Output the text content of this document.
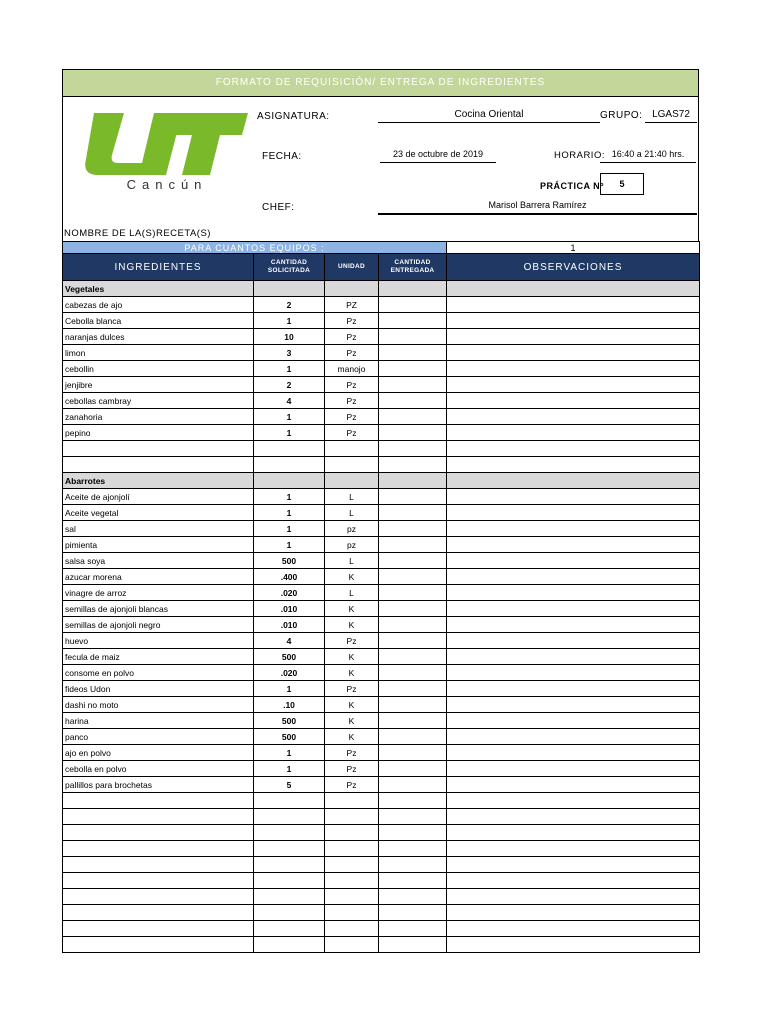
FORMATO DE REQUISICIÓN/ ENTREGA DE INGREDIENTES
Cancún
ASIGNATURA:	Cocina Oriental	GRUPO: LGAS72
FECHA:	23 de octubre de 2019	HORARIO: 16:40 a 21:40 hrs.
PRÁCTICA Nº	5
CHEF:	Marisol Barrera Ramírez
NOMBRE DE LA(S)RECETA(S)
PARA CUANTOS EQUIPOS :				1
INGREDIENTES	CANTIDAD SOLICITADA	UNIDAD	CANTIDAD ENTREGADA	OBSERVACIONES
Vegetales				
cabezas de ajo	2	PZ		
Cebolla blanca	1	Pz		
naranjas dulces	10	Pz		
limon	3	Pz		
cebollin	1	manojo		
jenjibre	2	Pz		
cebollas cambray	4	Pz		
zanahoria	1	Pz		
pepino	1	Pz		

Abarrotes				
Aceite de ajonjolí	1	L		
Aceite vegetal	1	L		
sal	1	pz		
pimienta	1	pz		
salsa soya	500	L		
azucar morena	.400	K		
vinagre de arroz	.020	L		
semillas de ajonjoli blancas	.010	K		
semillas de ajonjoli negro	.010	K		
huevo	4	Pz		
fecula de maiz	500	K		
consome en polvo	.020	K		
fideos Udon	1	Pz		
dashi no moto	.10	K		
harina	500	K		
panco	500	K		
ajo en polvo	1	Pz		
cebolla en polvo	1	Pz		
pallillos para brochetas	5	Pz		
